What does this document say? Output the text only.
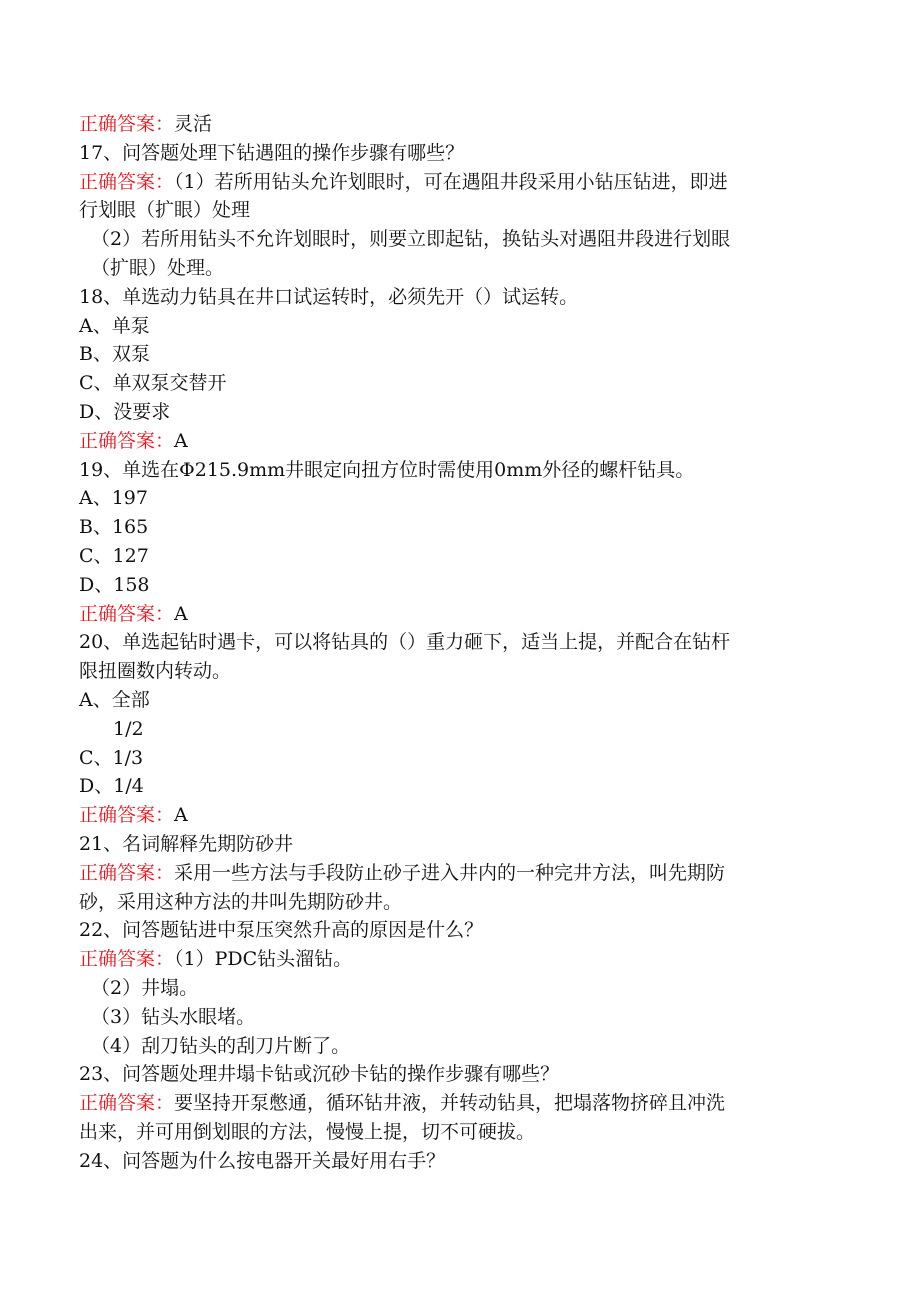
正确答案：灵活
17、问答题处理下钻遇阻的操作步骤有哪些？
正确答案：（1）若所用钻头允许划眼时，可在遇阻井段采用小钻压钻进，即进
行划眼（扩眼）处理
（2）若所用钻头不允许划眼时，则要立即起钻，换钻头对遇阻井段进行划眼
（扩眼）处理。
18、单选动力钻具在井口试运转时，必须先开（）试运转。
A、单泵
B、双泵
C、单双泵交替开
D、没要求
正确答案：A
19、单选在Φ215.9mm井眼定向扭方位时需使用0mm外径的螺杆钻具。
A、197
B、165
C、127
D、158
正确答案：A
20、单选起钻时遇卡，可以将钻具的（）重力砸下，适当上提，并配合在钻杆
限扭圈数内转动。
A、全部
1/2
C、1/3
D、1/4
正确答案：A
21、名词解释先期防砂井
正确答案：采用一些方法与手段防止砂子进入井内的一种完井方法，叫先期防
砂，采用这种方法的井叫先期防砂井。
22、问答题钻进中泵压突然升高的原因是什么？
正确答案：（1）PDC钻头溜钻。
（2）井塌。
（3）钻头水眼堵。
（4）刮刀钻头的刮刀片断了。
23、问答题处理井塌卡钻或沉砂卡钻的操作步骤有哪些？
正确答案：要坚持开泵憋通，循环钻井液，并转动钻具，把塌落物挤碎且冲洗
出来，并可用倒划眼的方法，慢慢上提，切不可硬拔。
24、问答题为什么按电器开关最好用右手？
